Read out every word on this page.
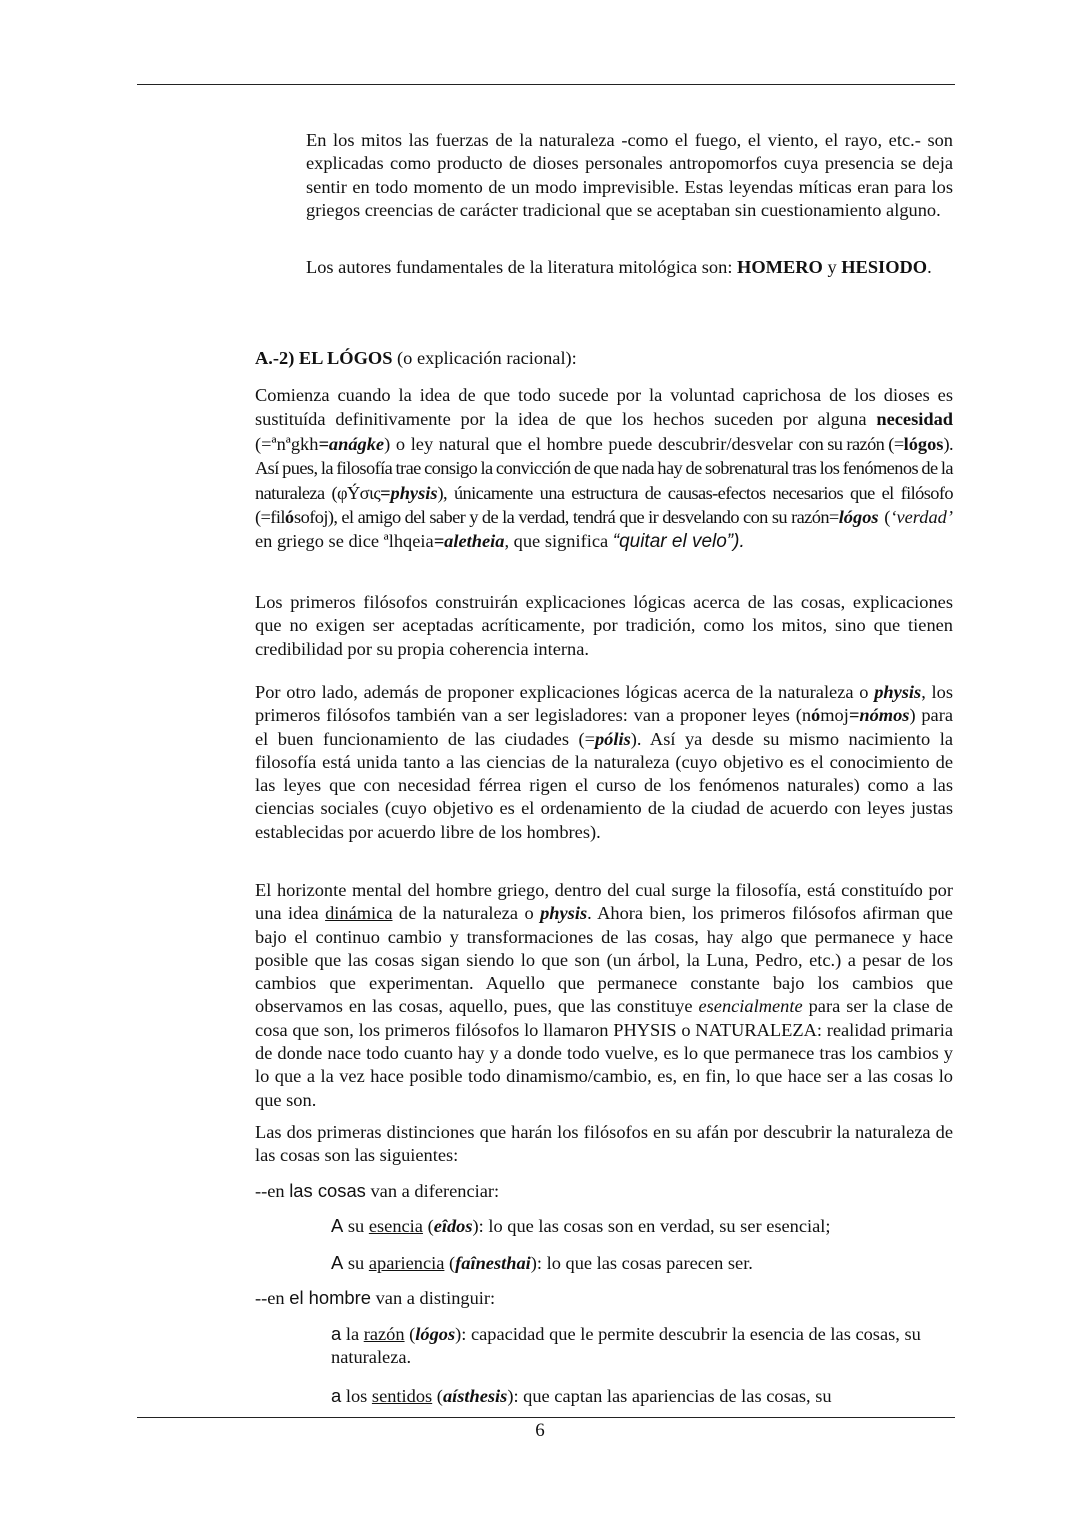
En los mitos las fuerzas de la naturaleza -como el fuego, el viento, el rayo, etc.- son explicadas como producto de dioses personales antropomorfos cuya presencia se deja sentir en todo momento de un modo imprevisible. Estas leyendas míticas eran para los griegos creencias de carácter tradicional que se aceptaban sin cuestionamiento alguno.

Los autores fundamentales de la literatura mitológica son: HOMERO y HESIODO.

A.-2) EL LÓGOS (o explicación racional):

Comienza cuando la idea de que todo sucede por la voluntad caprichosa de los dioses es sustituída definitivamente por la idea de que los hechos suceden por alguna necesidad (=ªnªgkh=anágke) o ley natural que el hombre puede descubrir/desvelar con su razón (=lógos). Así pues, la filosofía trae consigo la convicción de que nada hay de sobrenatural tras los fenómenos de la naturaleza (φÝσις=physis), únicamente una estructura de causas-efectos necesarios que el filósofo (=filósofoj), el amigo del saber y de la verdad, tendrá que ir desvelando con su razón=lógos (‘verdad’ en griego se dice ªlhqeia=aletheia, que significa “quitar el velo”).

Los primeros filósofos construirán explicaciones lógicas acerca de las cosas, explicaciones que no exigen ser aceptadas acríticamente, por tradición, como los mitos, sino que tienen credibilidad por su propia coherencia interna.

Por otro lado, además de proponer explicaciones lógicas acerca de la naturaleza o physis, los primeros filósofos también van a ser legisladores: van a proponer leyes (nómoj=nómos) para el buen funcionamiento de las ciudades (=pólis). Así ya desde su mismo nacimiento la filosofía está unida tanto a las ciencias de la naturaleza (cuyo objetivo es el conocimiento de las leyes que con necesidad férrea rigen el curso de los fenómenos naturales) como a las ciencias sociales (cuyo objetivo es el ordenamiento de la ciudad de acuerdo con leyes justas establecidas por acuerdo libre de los hombres).

El horizonte mental del hombre griego, dentro del cual surge la filosofía, está constituído por una idea dinámica de la naturaleza o physis. Ahora bien, los primeros filósofos afirman que bajo el continuo cambio y transformaciones de las cosas, hay algo que permanece y hace posible que las cosas sigan siendo lo que son (un árbol, la Luna, Pedro, etc.) a pesar de los cambios que experimentan. Aquello que permanece constante bajo los cambios que observamos en las cosas, aquello, pues, que las constituye esencialmente para ser la clase de cosa que son, los primeros filósofos lo llamaron PHYSIS o NATURALEZA: realidad primaria de donde nace todo cuanto hay y a donde todo vuelve, es lo que permanece tras los cambios y lo que a la vez hace posible todo dinamismo/cambio, es, en fin, lo que hace ser a las cosas lo que son.

Las dos primeras distinciones que harán los filósofos en su afán por descubrir la naturaleza de las cosas son las siguientes:

--en las cosas van a diferenciar:

A su esencia (eîdos): lo que las cosas son en verdad, su ser esencial;

A su apariencia (faînesthai): lo que las cosas parecen ser.

--en el hombre van a distinguir:

a la razón (lógos): capacidad que le permite descubrir la esencia de las cosas, su naturaleza.

a los sentidos (aísthesis): que captan las apariencias de las cosas, su

6
